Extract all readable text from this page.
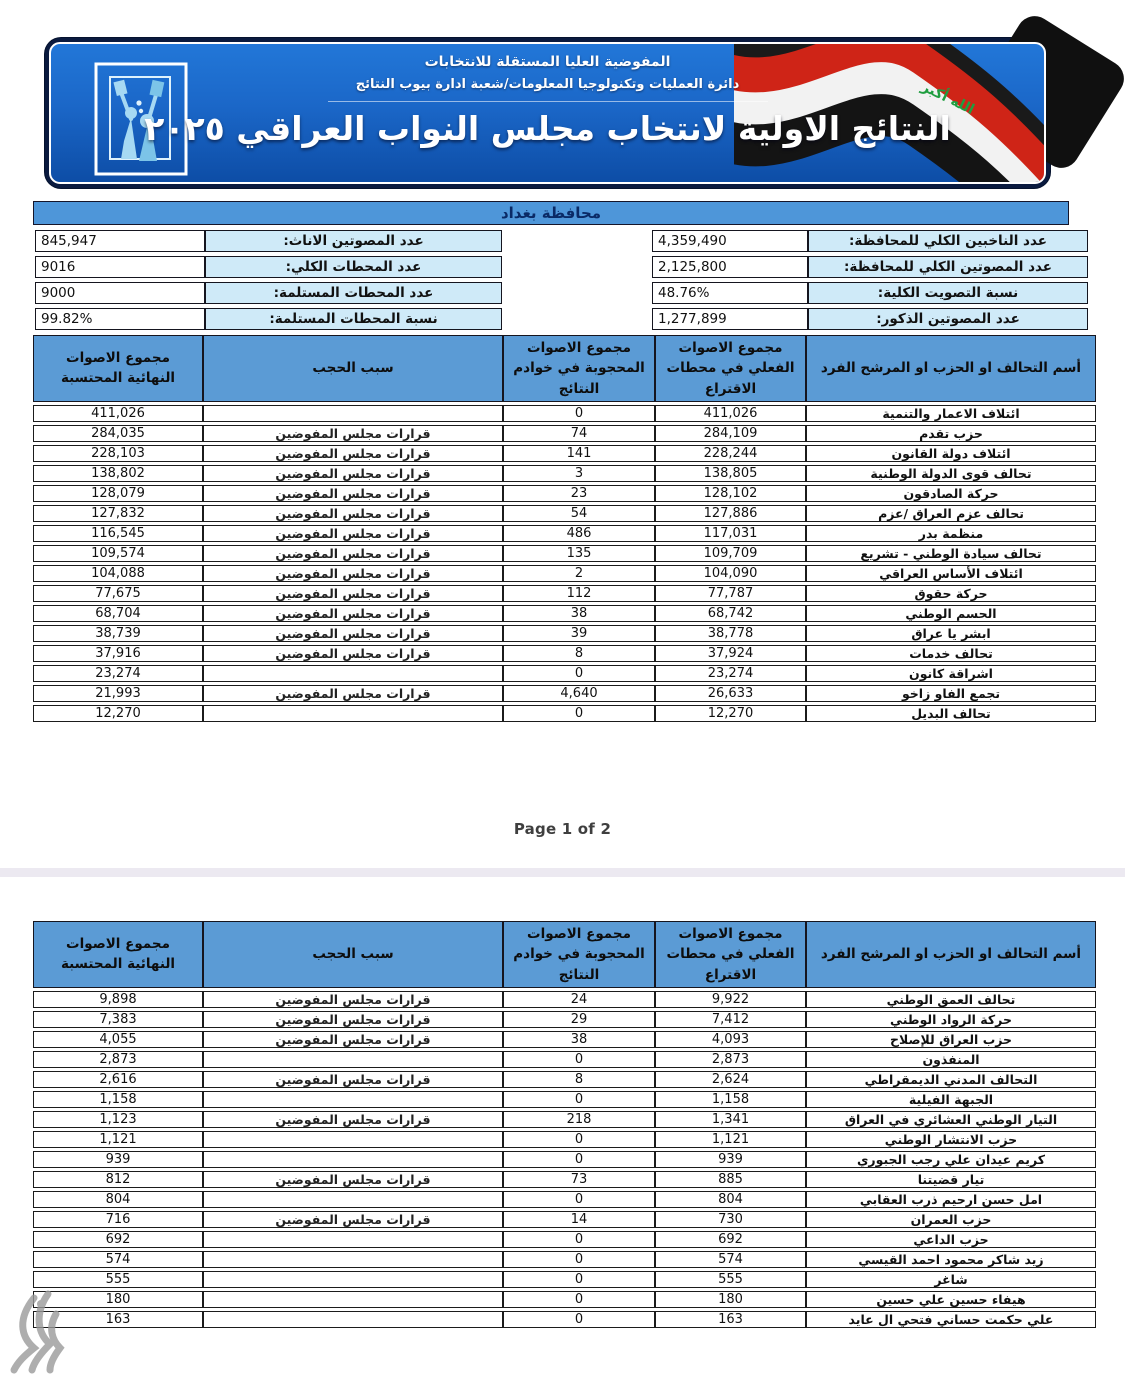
الله أكبر
المفوضية العليا المستقلة للانتخابات
دائرة العمليات وتكنولوجيا المعلومات/شعبة ادارة بيوب النتائج
النتائج الاولية لانتخاب مجلس النواب العراقي ٢٠٢٥
محافظة بغداد
عدد الناخبين الكلي للمحافظة:
4,359,490
عدد المصوتين الاناث:
845,947
عدد المصوتين الكلي للمحافظة:
2,125,800
عدد المحطات الكلي:
9016
نسبة التصويت الكلية:
48.76%
عدد المحطات المستلمة:
9000
عدد المصوتين الذكور:
1,277,899
نسبة المحطات المستلمة:
99.82%
أسم التحالف او الحزب او المرشح الفرد	مجموع الاصوات الفعلي في محطات الاقتراع	مجموع الاصوات المحجوبة في خوادم النتائج	سبب الحجب	مجموع الاصوات النهائية المحتسبة
ائتلاف الاعمار والتنمية	411,026	0		411,026
حزب تقدم	284,109	74	قرارات مجلس المفوضين	284,035
ائتلاف دولة القانون	228,244	141	قرارات مجلس المفوضين	228,103
تحالف قوى الدولة الوطنية	138,805	3	قرارات مجلس المفوضين	138,802
حركة الصادقون	128,102	23	قرارات مجلس المفوضين	128,079
تحالف عزم العراق /عزم	127,886	54	قرارات مجلس المفوضين	127,832
منظمة بدر	117,031	486	قرارات مجلس المفوضين	116,545
تحالف سيادة الوطني - تشريع	109,709	135	قرارات مجلس المفوضين	109,574
ائتلاف الأساس العراقي	104,090	2	قرارات مجلس المفوضين	104,088
حركة حقوق	77,787	112	قرارات مجلس المفوضين	77,675
الحسم الوطني	68,742	38	قرارات مجلس المفوضين	68,704
ابشر يا عراق	38,778	39	قرارات مجلس المفوضين	38,739
تحالف خدمات	37,924	8	قرارات مجلس المفوضين	37,916
اشراقة كانون	23,274	0		23,274
تجمع الفاو زاخو	26,633	4,640	قرارات مجلس المفوضين	21,993
تحالف البديل	12,270	0		12,270
Page 1 of 2
أسم التحالف او الحزب او المرشح الفرد	مجموع الاصوات الفعلي في محطات الاقتراع	مجموع الاصوات المحجوبة في خوادم النتائج	سبب الحجب	مجموع الاصوات النهائية المحتسبة
تحالف العمق الوطني	9,922	24	قرارات مجلس المفوضين	9,898
حركة الرواد الوطني	7,412	29	قرارات مجلس المفوضين	7,383
حزب العراق للإصلاح	4,093	38	قرارات مجلس المفوضين	4,055
المنفذون	2,873	0		2,873
التحالف المدني الديمقراطي	2,624	8	قرارات مجلس المفوضين	2,616
الجبهة الفيلية	1,158	0		1,158
التيار الوطني العشائري في العراق	1,341	218	قرارات مجلس المفوضين	1,123
حزب الانتشار الوطني	1,121	0		1,121
كريم عيدان علي رجب الجبوري	939	0		939
تيار قضيتنا	885	73	قرارات مجلس المفوضين	812
امل حسن ارحيم ذرب العقابي	804	0		804
حزب العمران	730	14	قرارات مجلس المفوضين	716
حزب الداعي	692	0		692
زيد شاكر محمود احمد القيسي	574	0		574
شاغر	555	0		555
هيفاء حسين علي حسين	180	0		180
علي حكمت حساني فتحي ال عايد	163	0		163
